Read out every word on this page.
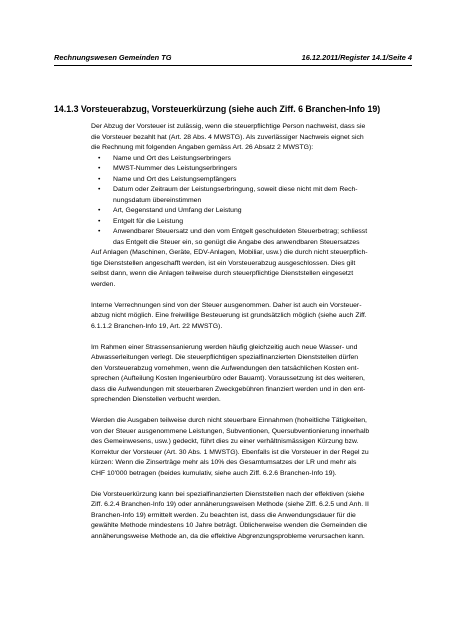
Rechnungswesen Gemeinden TG	16.12.2011/Register 14.1/Seite 4
14.1.3 Vorsteuerabzug, Vorsteuerkürzung (siehe auch Ziff. 6 Branchen-Info 19)
Der Abzug der Vorsteuer ist zulässig, wenn die steuerpflichtige Person nachweist, dass sie
die Vorsteuer bezahlt hat (Art. 28 Abs. 4 MWSTG). Als zuverlässiger Nachweis eignet sich
die Rechnung mit folgenden Angaben gemäss Art. 26 Absatz 2 MWSTG):
• Name und Ort des Leistungserbringers
• MWST-Nummer des Leistungserbringers
• Name und Ort des Leistungsempfängers
• Datum oder Zeitraum der Leistungserbringung, soweit diese nicht mit dem Rech-
nungsdatum übereinstimmen
• Art, Gegenstand und Umfang der Leistung
• Entgelt für die Leistung
• Anwendbarer Steuersatz und den vom Entgelt geschuldeten Steuerbetrag; schliesst
das Entgelt die Steuer ein, so genügt die Angabe des anwendbaren Steuersatzes
Auf Anlagen (Maschinen, Geräte, EDV-Anlagen, Mobiliar, usw.) die durch nicht steuerpflich-
tige Dienststellen angeschafft werden, ist ein Vorsteuerabzug ausgeschlossen. Dies gilt
selbst dann, wenn die Anlagen teilweise durch steuerpflichtige Dienststellen eingesetzt
werden.
Interne Verrechnungen sind von der Steuer ausgenommen. Daher ist auch ein Vorsteuer-
abzug nicht möglich. Eine freiwillige Besteuerung ist grundsätzlich möglich (siehe auch Ziff.
6.1.1.2 Branchen-Info 19, Art. 22 MWSTG).
Im Rahmen einer Strassensanierung werden häufig gleichzeitig auch neue Wasser- und
Abwasserleitungen verlegt. Die steuerpflichtigen spezialfinanzierten Dienststellen dürfen
den Vorsteuerabzug vornehmen, wenn die Aufwendungen den tatsächlichen Kosten ent-
sprechen (Aufteilung Kosten Ingenieurbüro oder Bauamt). Voraussetzung ist des weiteren,
dass die Aufwendungen mit steuerbaren Zweckgebühren finanziert werden und in den ent-
sprechenden Dienstellen verbucht werden.
Werden die Ausgaben teilweise durch nicht steuerbare Einnahmen (hoheitliche Tätigkeiten,
von der Steuer ausgenommene Leistungen, Subventionen, Quersubventionierung innerhalb
des Gemeinwesens, usw.) gedeckt, führt dies zu einer verhältnismässigen Kürzung bzw.
Korrektur der Vorsteuer (Art. 30 Abs. 1 MWSTG). Ebenfalls ist die Vorsteuer in der Regel zu
kürzen: Wenn die Zinserträge mehr als 10% des Gesamtumsatzes der LR und mehr als
CHF 10'000 betragen (beides kumulativ, siehe auch Ziff. 6.2.6 Branchen-Info 19).
Die Vorsteuerkürzung kann bei spezialfinanzierten Dienststellen nach der effektiven (siehe
Ziff. 6.2.4 Branchen-Info 19) oder annäherungsweisen Methode (siehe Ziff. 6.2.5 und Anh. II
Branchen-Info 19) ermittelt werden. Zu beachten ist, dass die Anwendungsdauer für die
gewählte Methode mindestens 10 Jahre beträgt. Üblicherweise wenden die Gemeinden die
annäherungsweise Methode an, da die effektive Abgrenzungsprobleme verursachen kann.
